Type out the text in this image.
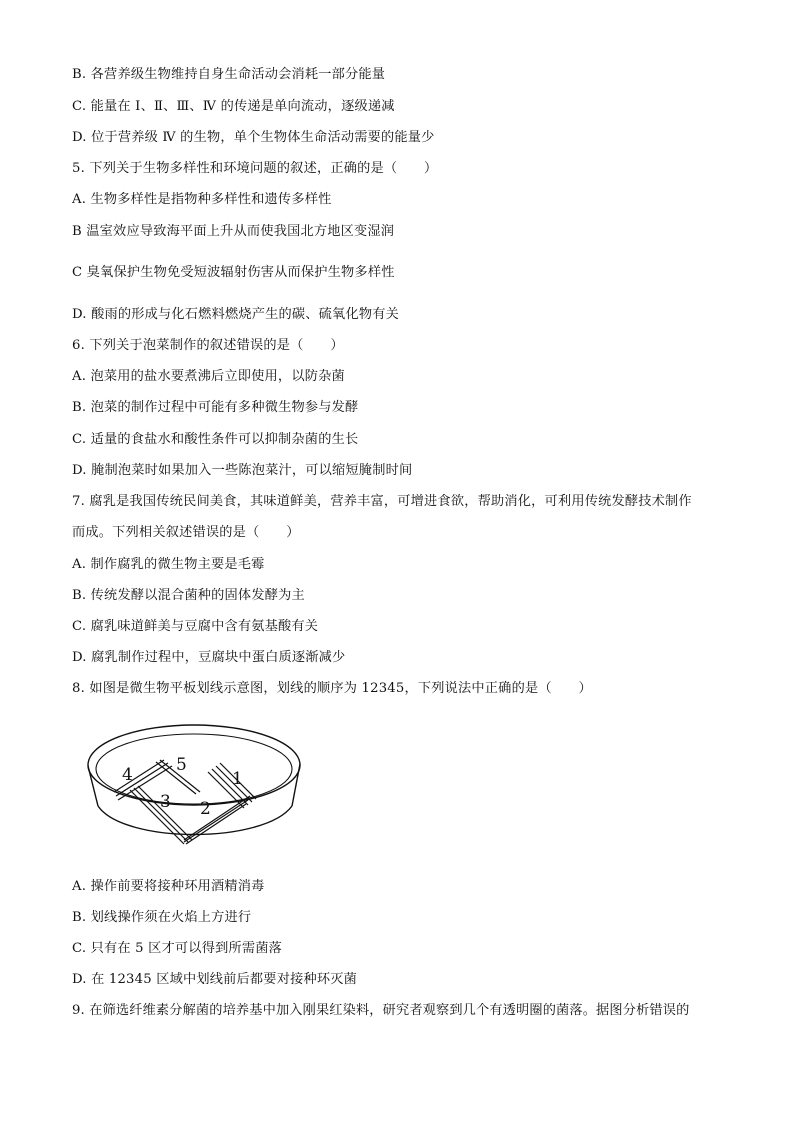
B. 各营养级生物维持自身生命活动会消耗一部分能量
C. 能量在 Ⅰ、Ⅱ、Ⅲ、Ⅳ 的传递是单向流动，逐级递减
D. 位于营养级 Ⅳ 的生物，单个生物体生命活动需要的能量少
5. 下列关于生物多样性和环境问题的叙述，正确的是（　　）
A. 生物多样性是指物种多样性和遗传多样性
B 温室效应导致海平面上升从而使我国北方地区变湿润
C 臭氧保护生物免受短波辐射伤害从而保护生物多样性
D. 酸雨的形成与化石燃料燃烧产生的碳、硫氧化物有关
6. 下列关于泡菜制作的叙述错误的是（　　）
A. 泡菜用的盐水要煮沸后立即使用，以防杂菌
B. 泡菜的制作过程中可能有多种微生物参与发酵
C. 适量的食盐水和酸性条件可以抑制杂菌的生长
D. 腌制泡菜时如果加入一些陈泡菜汁，可以缩短腌制时间
7. 腐乳是我国传统民间美食，其味道鲜美，营养丰富，可增进食欲，帮助消化，可利用传统发酵技术制作
而成。下列相关叙述错误的是（　　）
A. 制作腐乳的微生物主要是毛霉
B. 传统发酵以混合菌种的固体发酵为主
C. 腐乳味道鲜美与豆腐中含有氨基酸有关
D. 腐乳制作过程中，豆腐块中蛋白质逐渐减少
8. 如图是微生物平板划线示意图，划线的顺序为 12345，下列说法中正确的是（　　）
1
2
3
4	5
A. 操作前要将接种环用酒精消毒
B. 划线操作须在火焰上方进行
C. 只有在 5 区才可以得到所需菌落
D. 在 12345 区域中划线前后都要对接种环灭菌
9. 在筛选纤维素分解菌的培养基中加入刚果红染料，研究者观察到几个有透明圈的菌落。据图分析错误的
